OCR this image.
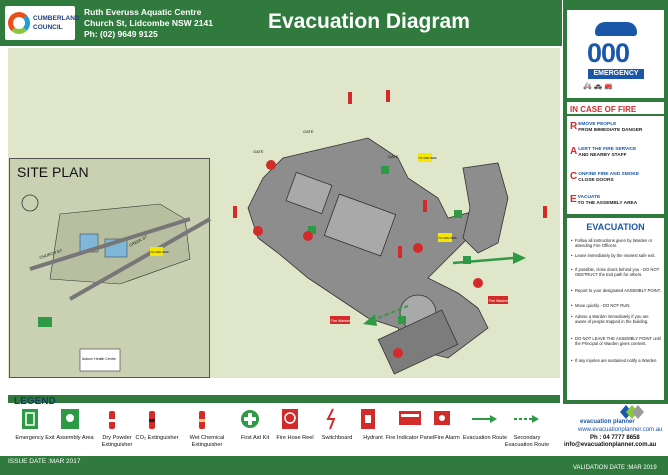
CUMBERLAND
COUNCIL
Ruth Everuss Aquatic Centre
Church St, Lidcombe NSW 2141
Ph: (02) 9649 9125
Evacuation Diagram
GATE
GATE
GATE	YOU ARE HERE
YOU ARE HERE
Fire Warden
Fire Warden
SITE PLAN
Auburn Health Centre
CHURCH ST
CREEK ST
YOU ARE HERE
000
EMERGENCY
🚑 🚓 🚒
IN CASE OF FIRE
R EMOVE PEOPLE
FROM IMMEDIATE DANGER
A LERT THE FIRE SERVICE
AND NEARBY STAFF
C ONFINE FIRE AND SMOKE
CLOSE DOORS
E VACUATE
TO THE ASSEMBLY AREA
EVACUATION
• Follow all instructions given by Warden or attending Fire Officers.
• Leave immediately by the nearest safe exit.
• If possible, close doors behind you - DO NOT OBSTRUCT the Exit path for others.
• Report to your designated ASSEMBLY POINT.
• Move quickly - DO NOT RUN.
• Advise a Warden immediately if you are aware of people trapped in the building.
• DO NOT LEAVE THE ASSEMBLY POINT until the Principal or Warden gives consent.
• If any injuries are sustained notify a Warden.
LEGEND
Emergency Exit Assembly Area	Dry Powder Extinguisher
CO₂ Extinguisher	Wet Chemical Extinguisher
First Aid Kit	Fire Hose Reel	Switchboard	Hydrant Fire Indicator Panel Fire Alarm Evacuation Route	Secondary Evacuation Route
evacuation planner
www.evacuationplanner.com.au
Ph : 04 7777 8658
info@evacuationplanner.com.au
ISSUE DATE :MAR 2017
VALIDATION DATE :MAR 2019
